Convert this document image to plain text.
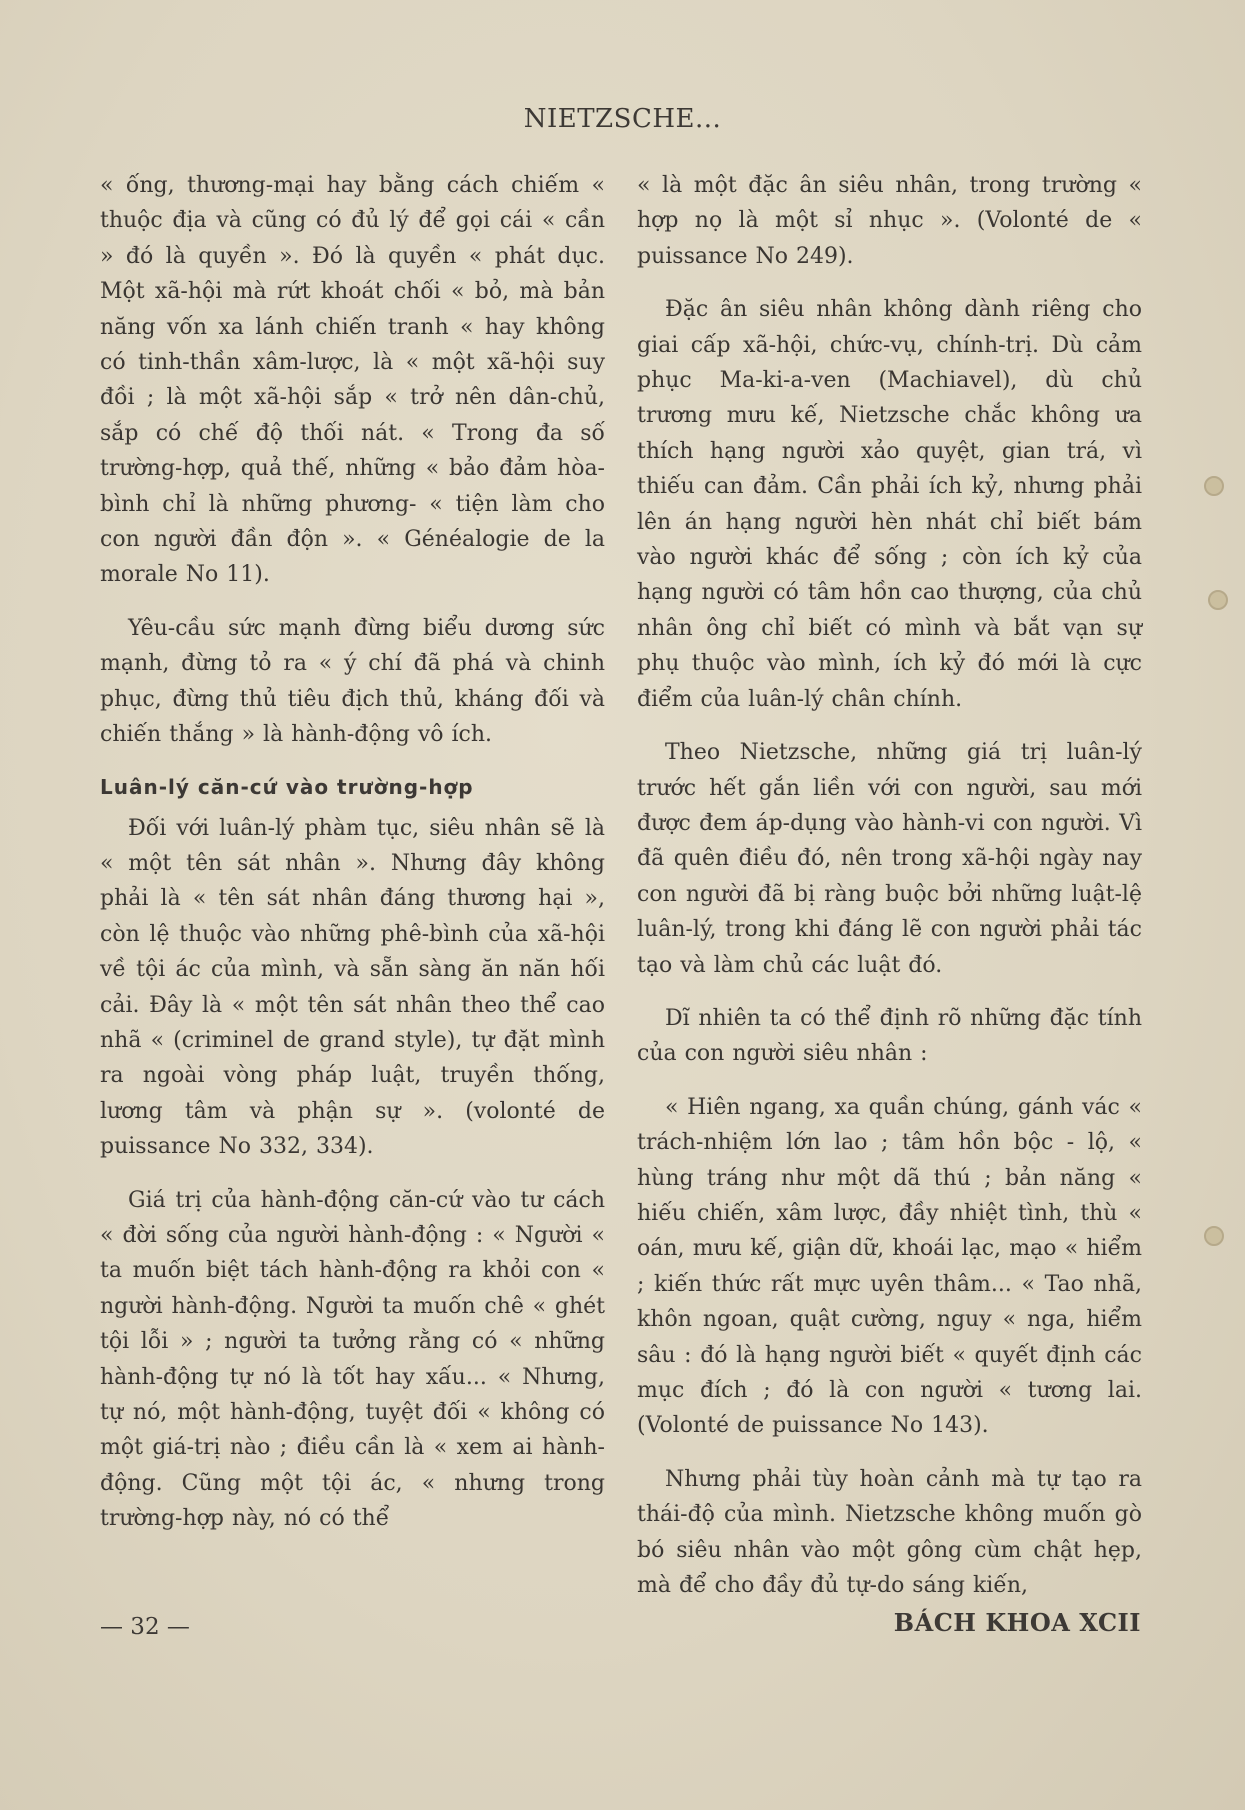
NIETZSCHE...

« ống, thương-mại hay bằng cách chiếm « thuộc địa và cũng có đủ lý để gọi cái « cần » đó là quyền ». Đó là quyền « phát dục. Một xã-hội mà rứt khoát chối « bỏ, mà bản năng vốn xa lánh chiến tranh « hay không có tinh-thần xâm-lược, là « một xã-hội suy đồi ; là một xã-hội sắp « trở nên dân-chủ, sắp có chế độ thối nát. « Trong đa số trường-hợp, quả thế, những « bảo đảm hòa-bình chỉ là những phương- « tiện làm cho con người đần độn ». « Généalogie de la morale No 11).

Yêu-cầu sức mạnh đừng biểu dương sức mạnh, đừng tỏ ra « ý chí đã phá và chinh phục, đừng thủ tiêu địch thủ, kháng đối và chiến thắng » là hành-động vô ích.

Luân-lý căn-cứ vào trường-hợp

Đối với luân-lý phàm tục, siêu nhân sẽ là « một tên sát nhân ». Nhưng đây không phải là « tên sát nhân đáng thương hại », còn lệ thuộc vào những phê-bình của xã-hội về tội ác của mình, và sẵn sàng ăn năn hối cải. Đây là « một tên sát nhân theo thể cao nhã « (criminel de grand style), tự đặt mình ra ngoài vòng pháp luật, truyền thống, lương tâm và phận sự ». (volonté de puissance No 332, 334).

Giá trị của hành-động căn-cứ vào tư cách « đời sống của người hành-động : « Người « ta muốn biệt tách hành-động ra khỏi con « người hành-động. Người ta muốn chê « ghét tội lỗi » ; người ta tưởng rằng có « những hành-động tự nó là tốt hay xấu... « Nhưng, tự nó, một hành-động, tuyệt đối « không có một giá-trị nào ; điều cần là « xem ai hành-động. Cũng một tội ác, « nhưng trong trường-hợp này, nó có thể

« là một đặc ân siêu nhân, trong trường « hợp nọ là một sỉ nhục ». (Volonté de « puissance No 249).

Đặc ân siêu nhân không dành riêng cho giai cấp xã-hội, chức-vụ, chính-trị. Dù cảm phục Ma-ki-a-ven (Machiavel), dù chủ trương mưu kế, Nietzsche chắc không ưa thích hạng người xảo quyệt, gian trá, vì thiếu can đảm. Cần phải ích kỷ, nhưng phải lên án hạng người hèn nhát chỉ biết bám vào người khác để sống ; còn ích kỷ của hạng người có tâm hồn cao thượng, của chủ nhân ông chỉ biết có mình và bắt vạn sự phụ thuộc vào mình, ích kỷ đó mới là cực điểm của luân-lý chân chính.

Theo Nietzsche, những giá trị luân-lý trước hết gắn liền với con người, sau mới được đem áp-dụng vào hành-vi con người. Vì đã quên điều đó, nên trong xã-hội ngày nay con người đã bị ràng buộc bởi những luật-lệ luân-lý, trong khi đáng lẽ con người phải tác tạo và làm chủ các luật đó.

Dĩ nhiên ta có thể định rõ những đặc tính của con người siêu nhân :

« Hiên ngang, xa quần chúng, gánh vác « trách-nhiệm lớn lao ; tâm hồn bộc - lộ, « hùng tráng như một dã thú ; bản năng « hiếu chiến, xâm lược, đầy nhiệt tình, thù « oán, mưu kế, giận dữ, khoái lạc, mạo « hiểm ; kiến thức rất mực uyên thâm... « Tao nhã, khôn ngoan, quật cường, nguy « nga, hiểm sâu : đó là hạng người biết « quyết định các mục đích ; đó là con người « tương lai. (Volonté de puissance No 143).

Nhưng phải tùy hoàn cảnh mà tự tạo ra thái-độ của mình. Nietzsche không muốn gò bó siêu nhân vào một gông cùm chật hẹp, mà để cho đầy đủ tự-do sáng kiến,

— 32 —	BÁCH KHOA XCII
